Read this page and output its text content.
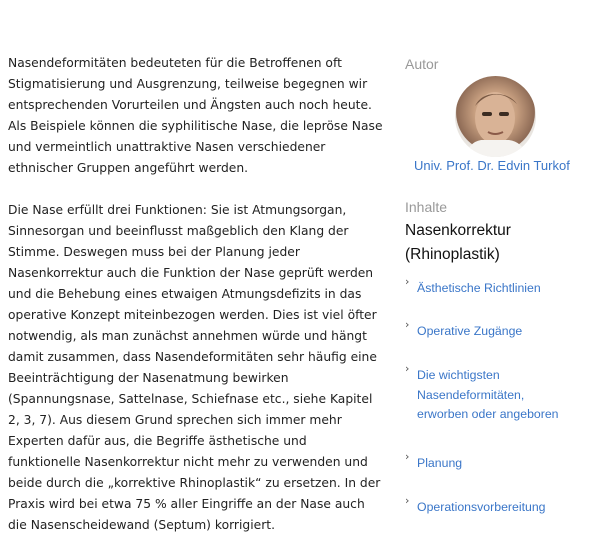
Nasendeformitäten bedeuteten für die Betroffenen oft Stigmatisierung und Ausgrenzung, teilweise begegnen wir entsprechenden Vorurteilen und Ängsten auch noch heute. Als Beispiele können die syphilitische Nase, die lepröse Nase und vermeintlich unattraktive Nasen verschiedener ethnischer Gruppen angeführt werden.

Die Nase erfüllt drei Funktionen: Sie ist Atmungsorgan, Sinnesorgan und beeinflusst maßgeblich den Klang der Stimme. Deswegen muss bei der Planung jeder Nasenkorrektur auch die Funktion der Nase geprüft werden und die Behebung eines etwaigen Atmungsdefizits in das operative Konzept miteinbezogen werden. Dies ist viel öfter notwendig, als man zunächst annehmen würde und hängt damit zusammen, dass Nasendeformitäten sehr häufig eine Beeinträchtigung der Nasenatmung bewirken (Spannungsnase, Sattelnase, Schiefnase etc., siehe Kapitel 2, 3, 7). Aus diesem Grund sprechen sich immer mehr Experten dafür aus, die Begriffe ästhetische und funktionelle Nasenkorrektur nicht mehr zu verwenden und beide durch die „korrektive Rhinoplastik“ zu ersetzen. In der Praxis wird bei etwa 75 % aller Eingriffe an der Nase auch die Nasenscheidewand (Septum) korrigiert.

Autor
Univ. Prof. Dr. Edvin Turkof
Inhalte
Nasenkorrektur (Rhinoplastik)
› Ästhetische Richtlinien
› Operative Zugänge
› Die wichtigsten Nasendeformitäten, erworben oder angeboren
› Planung
› Operationsvorbereitung
